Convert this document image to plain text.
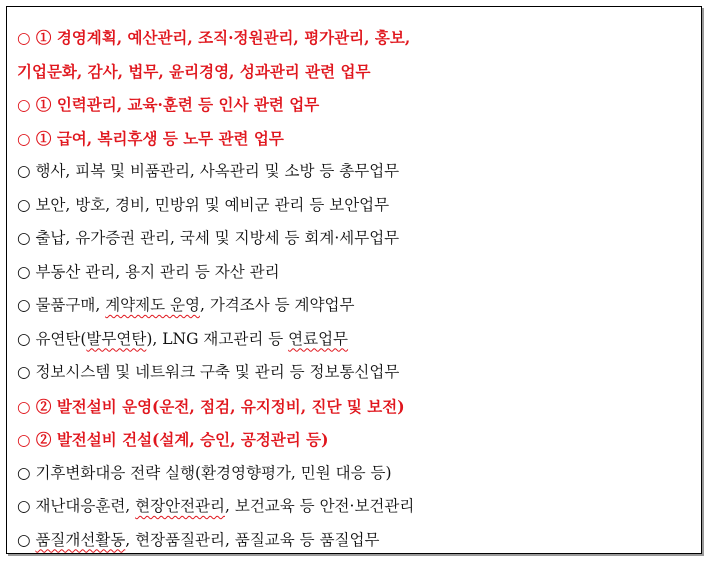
○ ① 경영계획, 예산관리, 조직·정원관리, 평가관리, 홍보,
기업문화, 감사, 법무, 윤리경영, 성과관리 관련 업무
○ ① 인력관리, 교육·훈련 등 인사 관련 업무
○ ① 급여, 복리후생 등 노무 관련 업무
○ 행사, 피복 및 비품관리, 사옥관리 및 소방 등 총무업무
○ 보안, 방호, 경비, 민방위 및 예비군 관리 등 보안업무
○ 출납, 유가증권 관리, 국세 및 지방세 등 회계·세무업무
○ 부동산 관리, 용지 관리 등 자산 관리
○ 물품구매, 계약제도 운영, 가격조사 등 계약업무
○ 유연탄(발무연탄), LNG 재고관리 등 연료업무
○ 정보시스템 및 네트워크 구축 및 관리 등 정보통신업무
○ ② 발전설비 운영(운전, 점검, 유지정비, 진단 및 보전)
○ ② 발전설비 건설(설계, 승인, 공정관리 등)
○ 기후변화대응 전략 실행(환경영향평가, 민원 대응 등)
○ 재난대응훈련, 현장안전관리, 보건교육 등 안전·보건관리
○ 품질개선활동, 현장품질관리, 품질교육 등 품질업무
